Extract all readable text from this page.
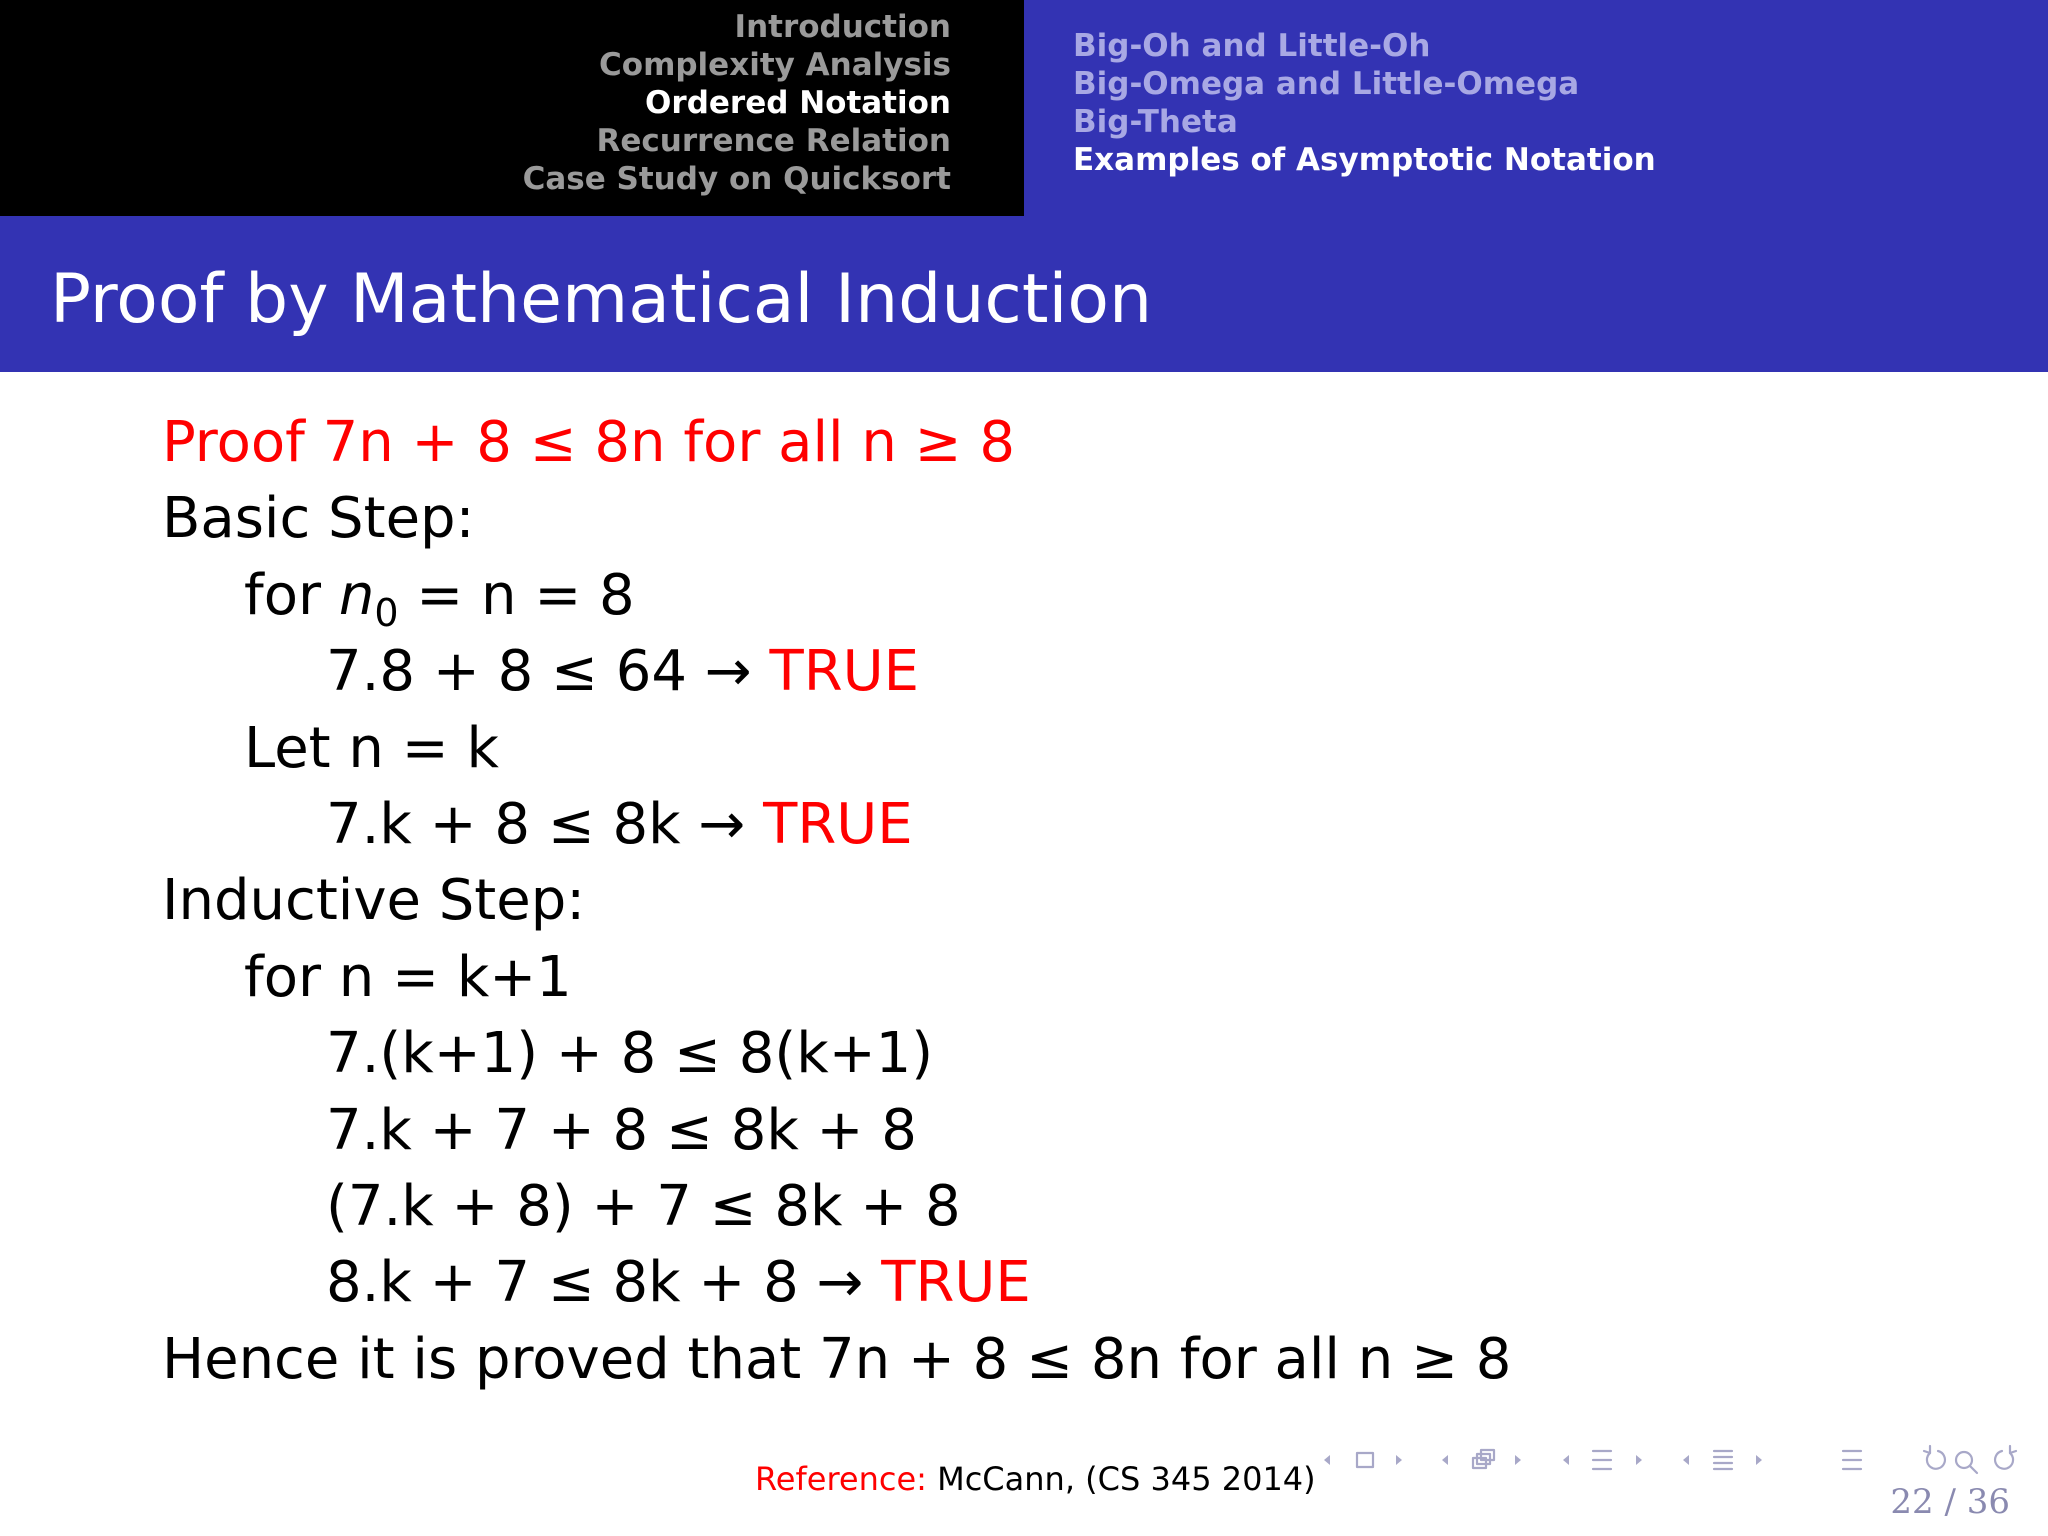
Introduction
Complexity Analysis
Ordered Notation
Recurrence Relation
Case Study on Quicksort
Big-Oh and Little-Oh
Big-Omega and Little-Omega
Big-Theta
Examples of Asymptotic Notation
Proof by Mathematical Induction
Proof 7n + 8 ≤ 8n for all n ≥ 8
Basic Step:
for $n_0 = n = 8$
7.8 + 8 ≤ 64 → TRUE
Let n = k
7.k + 8 ≤ 8k → TRUE
Inductive Step:
for n = k+1
7.(k+1) + 8 ≤ 8(k+1)
7.k + 7 + 8 ≤ 8k + 8
(7.k + 8) + 7 ≤ 8k + 8
8.k + 7 ≤ 8k + 8 → TRUE
Hence it is proved that 7n + 8 ≤ 8n for all n ≥ 8
Reference: McCann, (CS 345 2014)
22 / 36
